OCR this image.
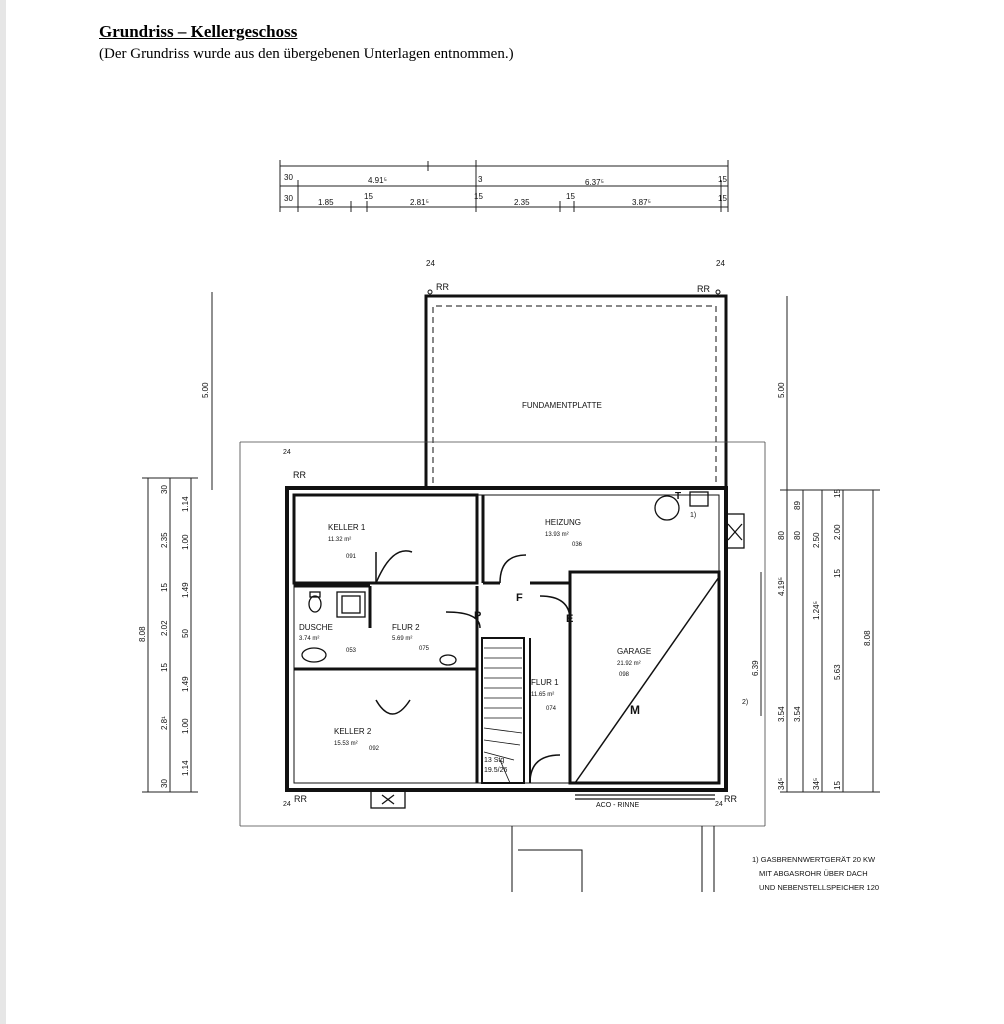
Grundriss – Kellergeschoss
(Der Grundriss wurde aus den übergebenen Unterlagen entnommen.)
4.91⁵
30	3	6.37⁵	15
30	1.85
15
2.81⁵
15
2.35
15
3.87⁵	15
FUNDAMENTPLATTE
24	24
RR	RR
KELLER 1
11.32 m²
091
HEIZUNG
13.93 m²
036
DUSCHE
3.74 m²
053
FLUR 2
5.69 m²
075	GARAGE
21.92 m²
098
FLUR 1
11.65 m²
074
KELLER 2
15.53 m²
092
P	E
F
M
T
1)
2)
13 Stg
19.5/26
ACO - RINNE
RR
RR	RR
24
24	24
5.00
8.08
30
2.35
15
2.02
15
2.8¹
30
1.14
1.00
1.49
50
1.49
1.00
1.14
5.00
80
4.19⁵
6.39
3.54
34⁵
89
80 2.50
1.24⁵
3.54
34⁵
15
2.00
15
5.63
15
8.08
1) GASBRENNWERTGERÄT 20 KW
MIT ABGASROHR ÜBER DACH
UND NEBENSTELLSPEICHER 120
